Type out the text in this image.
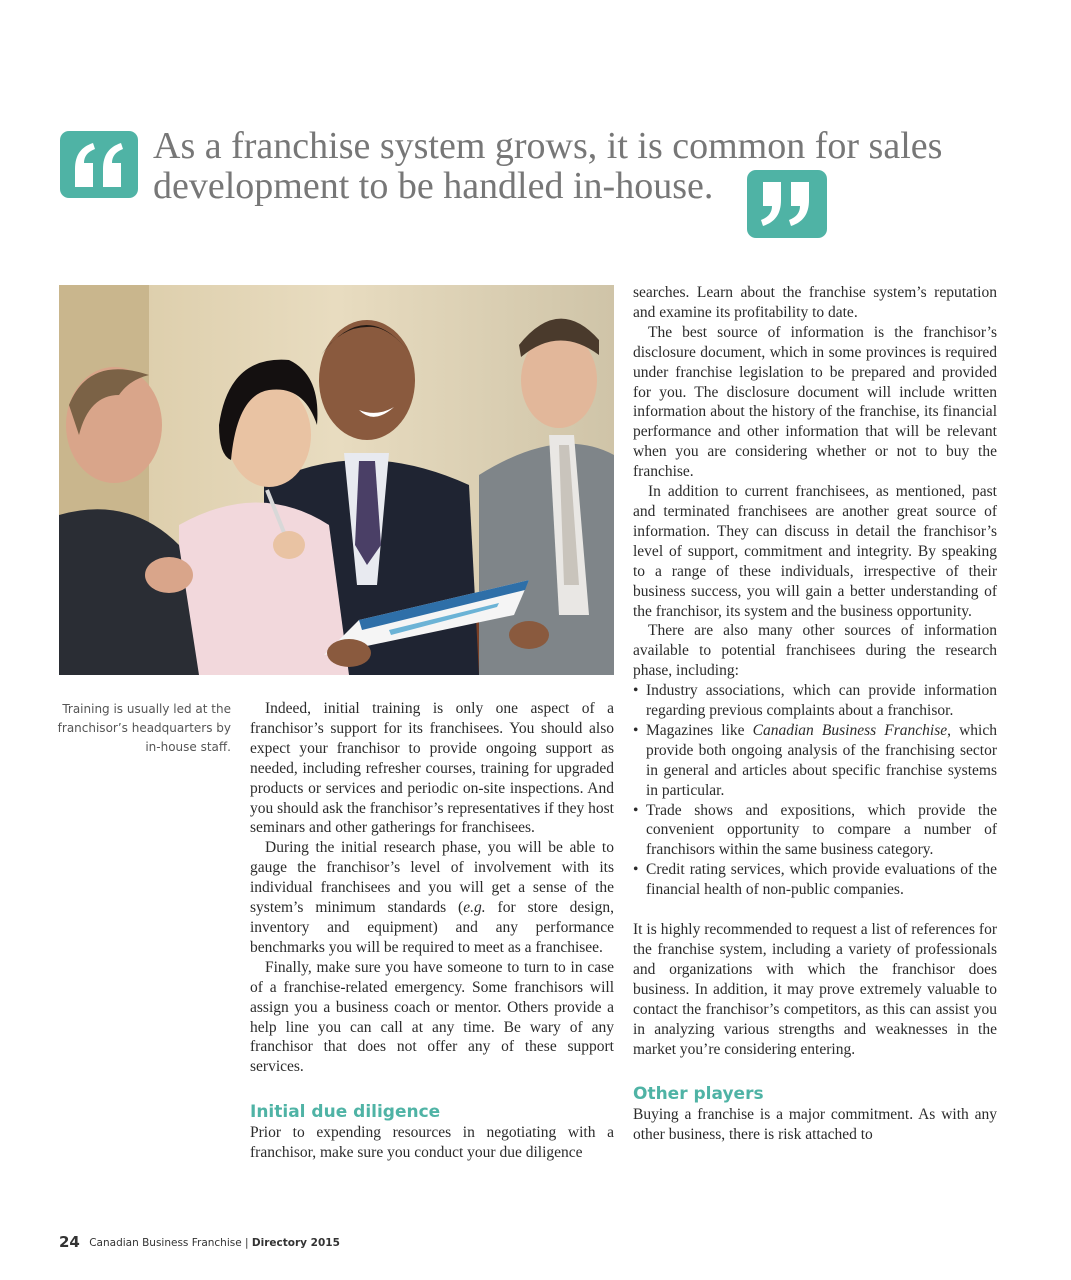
As a franchise system grows, it is common for sales development to be handled in-house.
Training is usually led at the franchisor’s headquarters by in-house staff.

Indeed, initial training is only one aspect of a franchisor’s support for its franchisees. You should also expect your franchisor to provide ongoing support as needed, including refresher courses, training for upgraded products or services and periodic on-site inspections. And you should ask the franchisor’s representatives if they host seminars and other gatherings for franchisees.

During the initial research phase, you will be able to gauge the franchisor’s level of involvement with its individual franchisees and you will get a sense of the system’s minimum standards (e.g. for store design, inventory and equipment) and any performance benchmarks you will be required to meet as a franchisee.

Finally, make sure you have someone to turn to in case of a franchise-related emergency. Some franchisors will assign you a business coach or mentor. Others provide a help line you can call at any time. Be wary of any franchisor that does not offer any of these support services.

Initial due diligence

Prior to expending resources in negotiating with a franchisor, make sure you conduct your due diligence

searches. Learn about the franchise system’s reputation and examine its profitability to date.

The best source of information is the franchisor’s disclosure document, which in some provinces is required under franchise legislation to be prepared and provided for you. The disclosure document will include written information about the history of the franchise, its financial performance and other information that will be relevant when you are considering whether or not to buy the franchise.

In addition to current franchisees, as mentioned, past and terminated franchisees are another great source of information. They can discuss in detail the franchisor’s level of support, commitment and integrity. By speaking to a range of these individuals, irrespective of their business success, you will gain a better understanding of the franchisor, its system and the business opportunity.

There are also many other sources of information available to potential franchisees during the research phase, including:

• Industry associations, which can provide information regarding previous complaints about a franchisor.
• Magazines like Canadian Business Franchise, which provide both ongoing analysis of the franchising sector in general and articles about specific franchise systems in particular.
• Trade shows and expositions, which provide the convenient opportunity to compare a number of franchisors within the same business category.
• Credit rating services, which provide evaluations of the financial health of non-public companies.

It is highly recommended to request a list of references for the franchise system, including a variety of professionals and organizations with which the franchisor does business. In addition, it may prove extremely valuable to contact the franchisor’s competitors, as this can assist you in analyzing various strengths and weaknesses in the market you’re considering entering.

Other players

Buying a franchise is a major commitment. As with any other business, there is risk attached to

24 Canadian Business Franchise | Directory 2015
